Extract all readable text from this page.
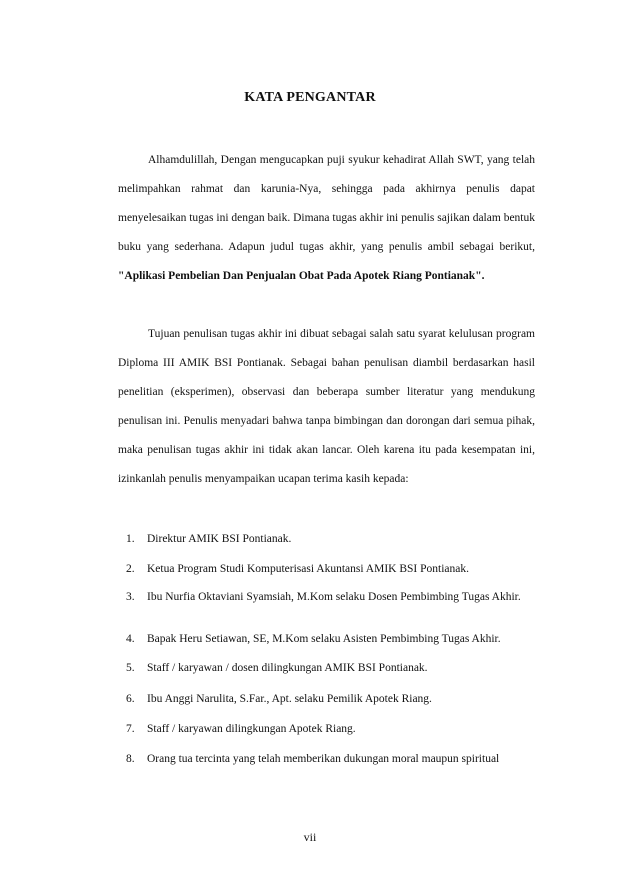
KATA PENGANTAR

Alhamdulillah, Dengan mengucapkan puji syukur kehadirat Allah SWT, yang telah melimpahkan rahmat dan karunia-Nya, sehingga pada akhirnya penulis dapat menyelesaikan tugas ini dengan baik. Dimana tugas akhir ini penulis sajikan dalam bentuk buku yang sederhana. Adapun judul tugas akhir, yang penulis ambil sebagai berikut, "Aplikasi Pembelian Dan Penjualan Obat Pada Apotek Riang Pontianak".

Tujuan penulisan tugas akhir ini dibuat sebagai salah satu syarat kelulusan program Diploma III AMIK BSI Pontianak. Sebagai bahan penulisan diambil berdasarkan hasil penelitian (eksperimen), observasi dan beberapa sumber literatur yang mendukung penulisan ini. Penulis menyadari bahwa tanpa bimbingan dan dorongan dari semua pihak, maka penulisan tugas akhir ini tidak akan lancar. Oleh karena itu pada kesempatan ini, izinkanlah penulis menyampaikan ucapan terima kasih kepada:

1.	Direktur AMIK BSI Pontianak.
2.	Ketua Program Studi Komputerisasi Akuntansi AMIK BSI Pontianak.
3.	Ibu Nurfia Oktaviani Syamsiah, M.Kom selaku Dosen Pembimbing Tugas Akhir.
4.	Bapak Heru Setiawan, SE, M.Kom selaku Asisten Pembimbing Tugas Akhir.
5.	Staff / karyawan / dosen dilingkungan AMIK BSI Pontianak.
6.	Ibu Anggi Narulita, S.Far., Apt. selaku Pemilik Apotek Riang.
7.	Staff / karyawan dilingkungan Apotek Riang.
8.	Orang tua tercinta yang telah memberikan dukungan moral maupun spiritual
vii
